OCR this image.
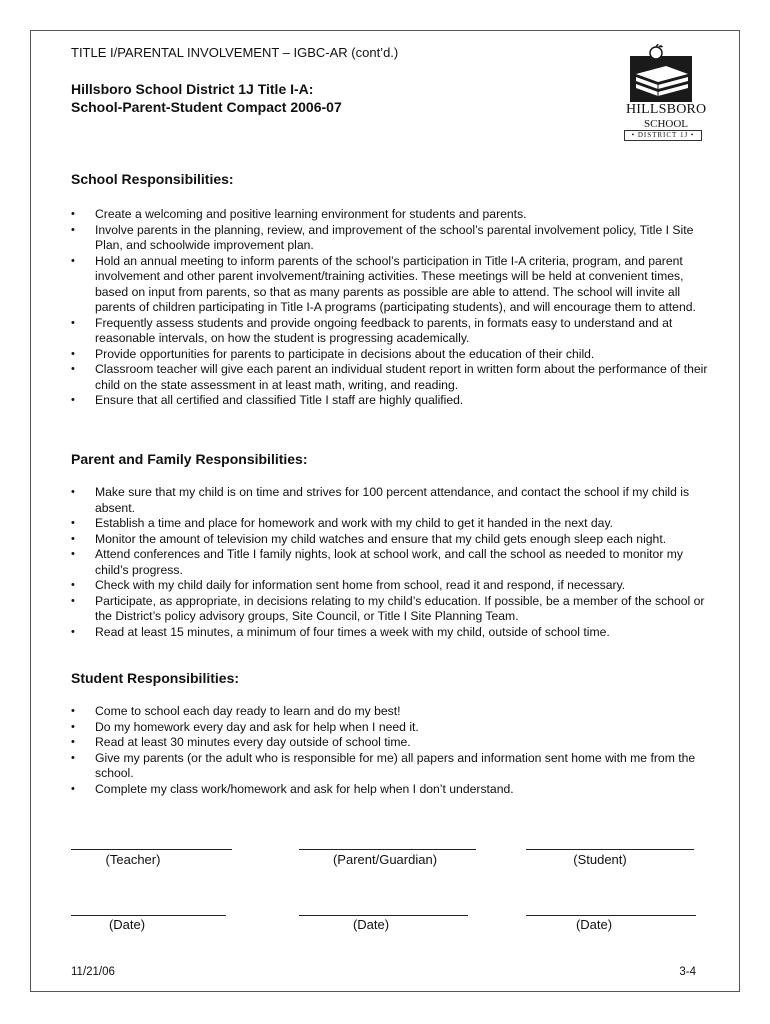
TITLE I/PARENTAL INVOLVEMENT – IGBC-AR (cont’d.)
Hillsboro School District 1J Title I-A:
School-Parent-Student Compact 2006-07	HILLSBORO
SCHOOL
• DISTRICT 1J •
School Responsibilities:
• Create a welcoming and positive learning environment for students and parents.
• Involve parents in the planning, review, and improvement of the school’s parental involvement policy, Title I Site Plan, and schoolwide improvement plan.
• Hold an annual meeting to inform parents of the school’s participation in Title I-A criteria, program, and parent involvement and other parent involvement/training activities. These meetings will be held at convenient times, based on input from parents, so that as many parents as possible are able to attend. The school will invite all parents of children participating in Title I-A programs (participating students), and will encourage them to attend.
• Frequently assess students and provide ongoing feedback to parents, in formats easy to understand and at reasonable intervals, on how the student is progressing academically.
• Provide opportunities for parents to participate in decisions about the education of their child.
• Classroom teacher will give each parent an individual student report in written form about the performance of their child on the state assessment in at least math, writing, and reading.
• Ensure that all certified and classified Title I staff are highly qualified.
Parent and Family Responsibilities:
• Make sure that my child is on time and strives for 100 percent attendance, and contact the school if my child is absent.
• Establish a time and place for homework and work with my child to get it handed in the next day.
• Monitor the amount of television my child watches and ensure that my child gets enough sleep each night.
• Attend conferences and Title I family nights, look at school work, and call the school as needed to monitor my child’s progress.
• Check with my child daily for information sent home from school, read it and respond, if necessary.
• Participate, as appropriate, in decisions relating to my child’s education. If possible, be a member of the school or the District’s policy advisory groups, Site Council, or Title I Site Planning Team.
• Read at least 15 minutes, a minimum of four times a week with my child, outside of school time.
Student Responsibilities:
• Come to school each day ready to learn and do my best!
• Do my homework every day and ask for help when I need it.
• Read at least 30 minutes every day outside of school time.
• Give my parents (or the adult who is responsible for me) all papers and information sent home with me from the school.
• Complete my class work/homework and ask for help when I don’t understand.
(Teacher)	(Parent/Guardian)	(Student)
(Date)	(Date)	(Date)
11/21/06	3-4
